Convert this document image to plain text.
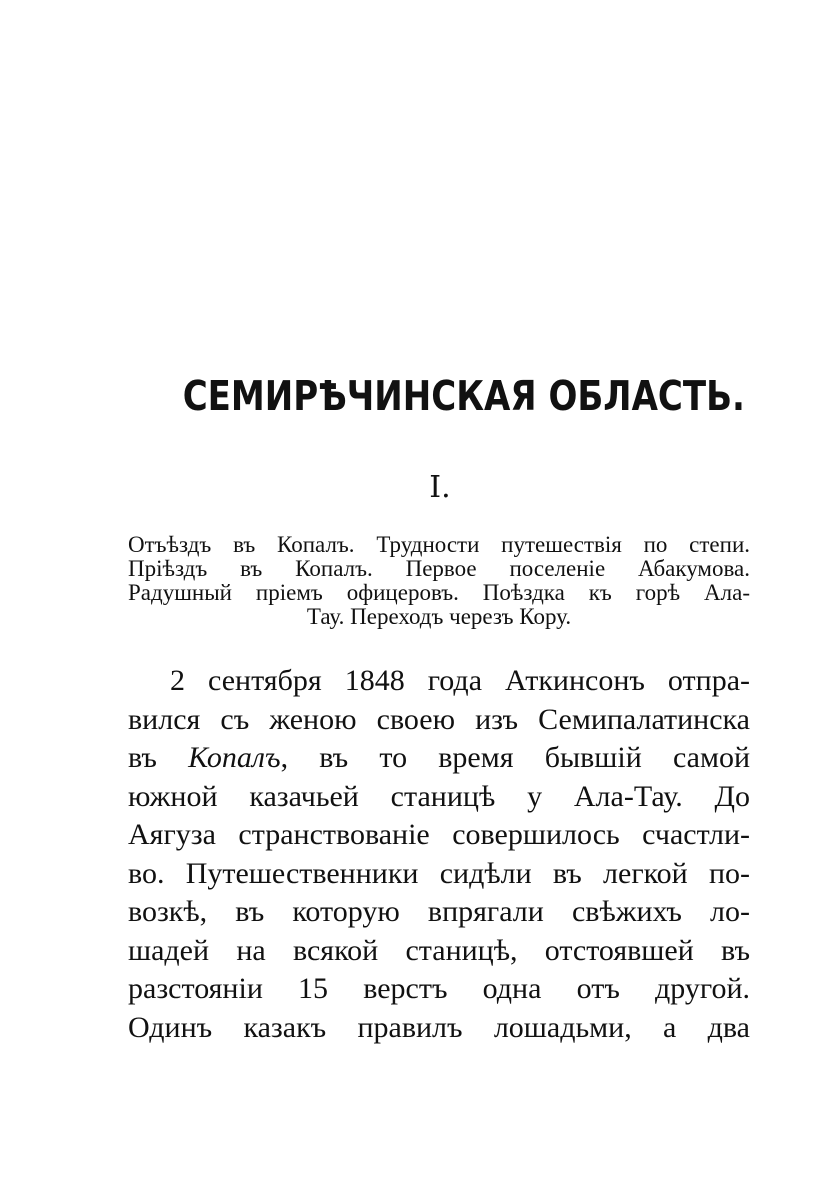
СЕМИРѢЧИНСКАЯ ОБЛАСТЬ.
I.
Отъѣздъ въ Копалъ. Трудности путешествія по степи.
Пріѣздъ въ Копалъ. Первое поселеніе Абакумова.
Радушный пріемъ офицеровъ. Поѣздка къ горѣ Ала-
Тау. Переходъ черезъ Кору.
2 сентября 1848 года Аткинсонъ отпра-
вился съ женою своею изъ Семипалатинска
въ Копалъ, въ то время бывшій самой
южной казачьей станицѣ у Ала-Тау. До
Аягуза странствованіе совершилось счастли-
во. Путешественники сидѣли въ легкой по-
возкѣ, въ которую впрягали свѣжихъ ло-
шадей на всякой станицѣ, отстоявшей въ
разстояніи 15 верстъ одна отъ другой.
Одинъ казакъ правилъ лошадьми, а два
